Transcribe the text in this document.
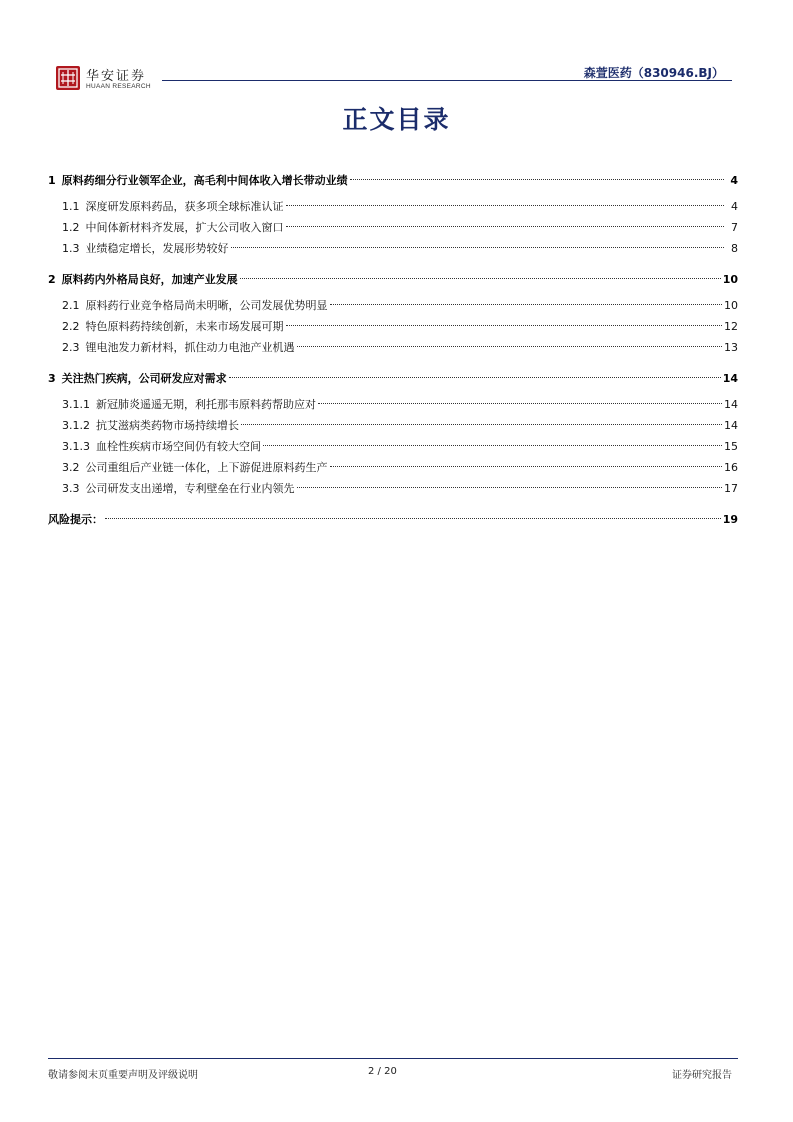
华安证券
HUAAN RESEARCH
森萱医药（830946.BJ）
正文目录
1 原料药细分行业领军企业，高毛利中间体收入增长带动业绩	4
1.1 深度研发原料药品，获多项全球标准认证	4
1.2 中间体新材料齐发展，扩大公司收入窗口	7
1.3 业绩稳定增长，发展形势较好	8
2 原料药内外格局良好，加速产业发展	10
2.1 原料药行业竞争格局尚未明晰，公司发展优势明显	10
2.2 特色原料药持续创新，未来市场发展可期	12
2.3 锂电池发力新材料，抓住动力电池产业机遇	13
3 关注热门疾病，公司研发应对需求	14
3.1.1 新冠肺炎遥遥无期，利托那韦原料药帮助应对	14
3.1.2 抗艾滋病类药物市场持续增长	14
3.1.3 血栓性疾病市场空间仍有较大空间	15
3.2 公司重组后产业链一体化，上下游促进原料药生产	16
3.3 公司研发支出递增，专利壁垒在行业内领先	17
风险提示：	19
敬请参阅末页重要声明及评级说明	2 / 20	证券研究报告
